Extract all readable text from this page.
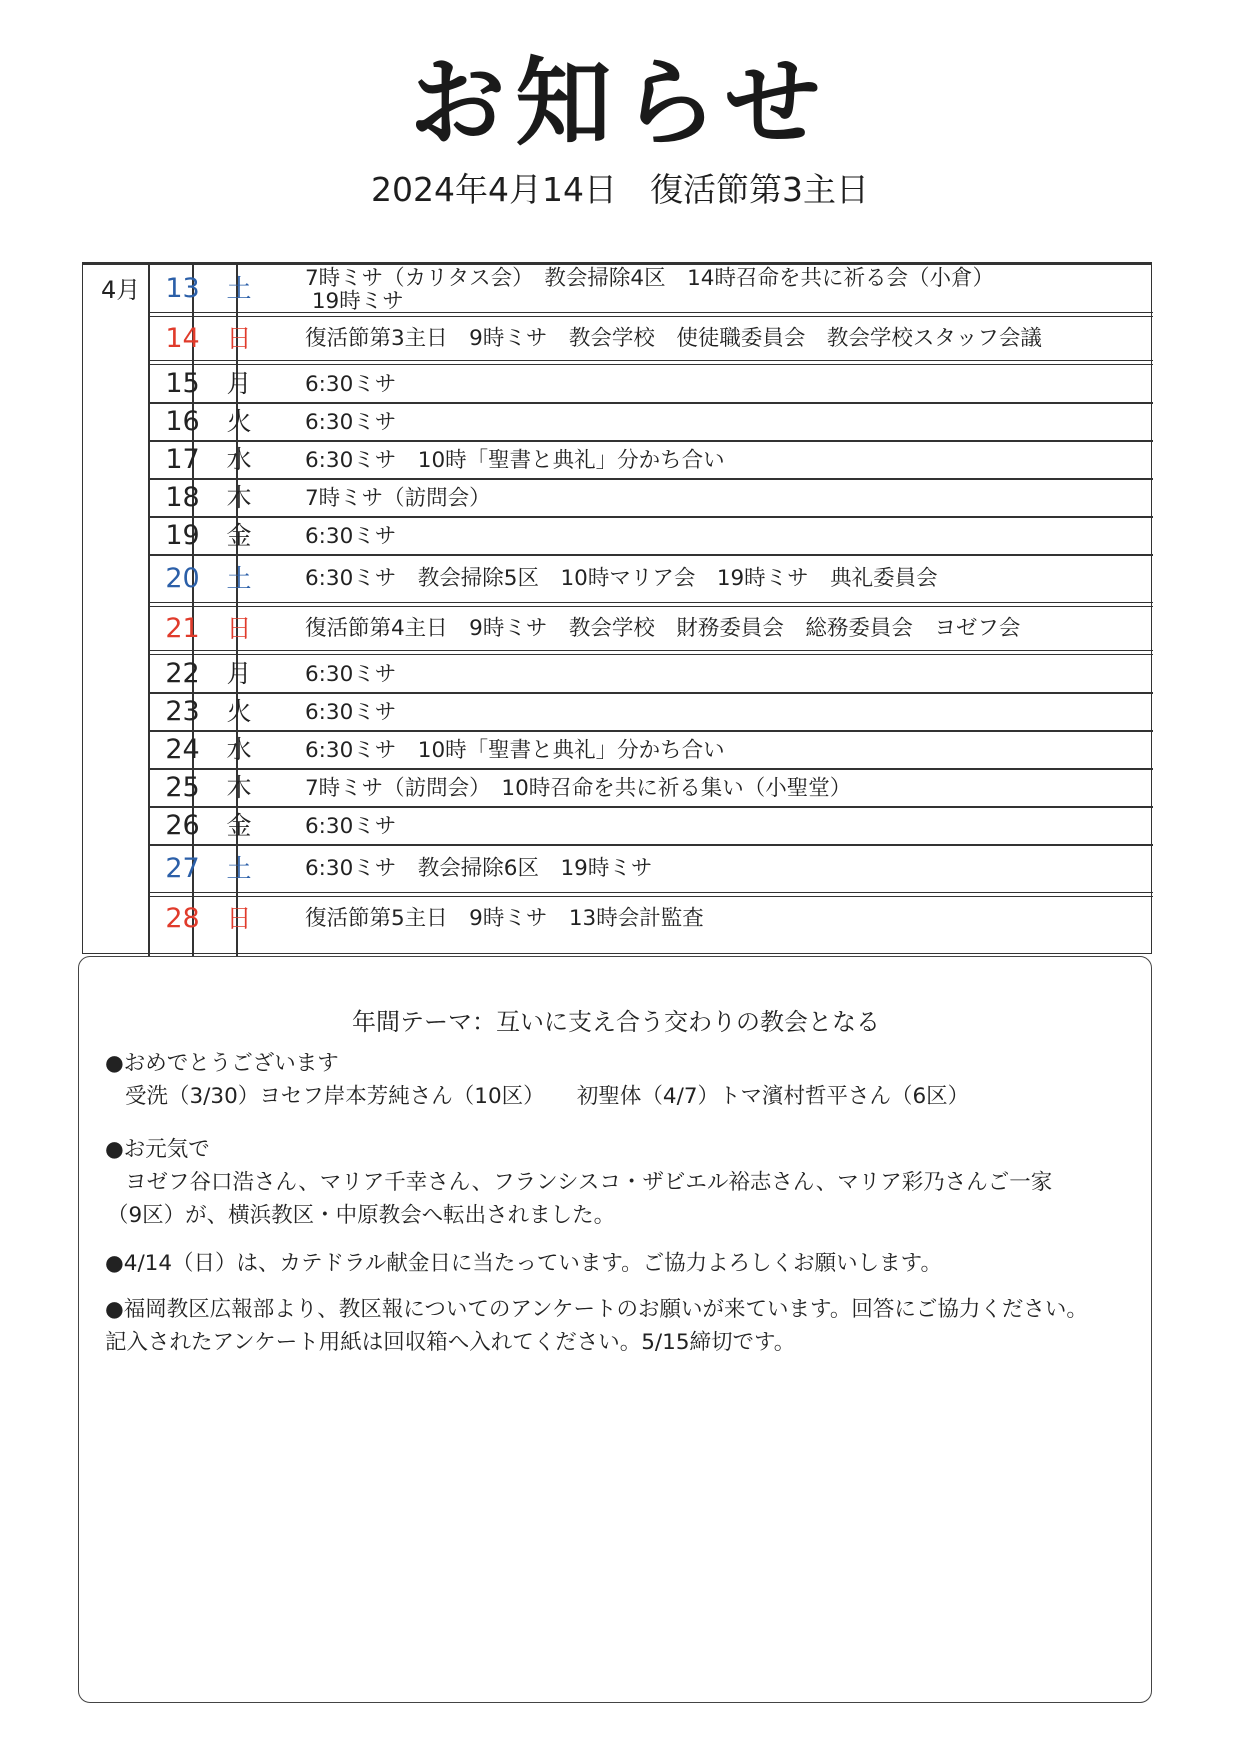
お知らせ
2024年4月14日　復活節第3主日
4月 13	土	7時ミサ（カリタス会）　教会掃除4区　14時召命を共に祈る会（小倉）
19時ミサ
14	日	復活節第3主日　9時ミサ　教会学校　使徒職委員会　教会学校スタッフ会議
15	月	6:30ミサ
16	火	6:30ミサ
17	水	6:30ミサ　10時「聖書と典礼」分かち合い
18	木	7時ミサ（訪問会）
19	金	6:30ミサ
20	土	6:30ミサ　教会掃除5区　10時マリア会　19時ミサ　典礼委員会
21	日	復活節第4主日　9時ミサ　教会学校　財務委員会　総務委員会　ヨゼフ会
22	月	6:30ミサ
23	火	6:30ミサ
24	水	6:30ミサ　10時「聖書と典礼」分かち合い
25	木	7時ミサ（訪問会）　10時召命を共に祈る集い（小聖堂）
26	金	6:30ミサ
27	土	6:30ミサ　教会掃除6区　19時ミサ
28	日	復活節第5主日　9時ミサ　13時会計監査
年間テーマ：互いに支え合う交わりの教会となる
●おめでとうございます
受洗（3/30）ヨセフ岸本芳純さん（10区）　　初聖体（4/7）トマ濱村哲平さん（6区）
●お元気で
ヨゼフ谷口浩さん、マリア千幸さん、フランシスコ・ザビエル裕志さん、マリア彩乃さんご一家
（9区）が、横浜教区・中原教会へ転出されました。
●4/14（日）は、カテドラル献金日に当たっています。ご協力よろしくお願いします。
●福岡教区広報部より、教区報についてのアンケートのお願いが来ています。回答にご協力ください。
記入されたアンケート用紙は回収箱へ入れてください。5/15締切です。
